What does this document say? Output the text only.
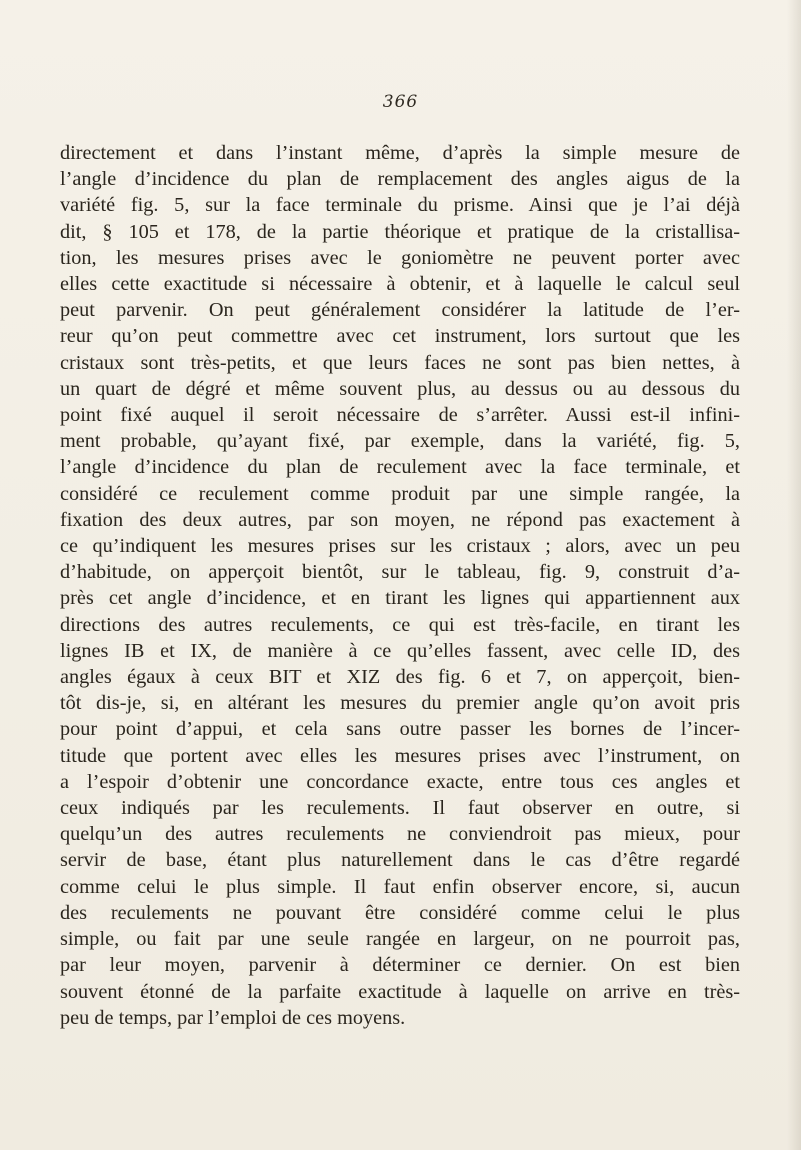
366
directement et dans l’instant même, d’après la simple mesure de
l’angle d’incidence du plan de remplacement des angles aigus de la
variété fig. 5, sur la face terminale du prisme. Ainsi que je l’ai déjà
dit, § 105 et 178, de la partie théorique et pratique de la cristallisa-
tion, les mesures prises avec le goniomètre ne peuvent porter avec
elles cette exactitude si nécessaire à obtenir, et à laquelle le calcul seul
peut parvenir. On peut généralement considérer la latitude de l’er-
reur qu’on peut commettre avec cet instrument, lors surtout que les
cristaux sont très-petits, et que leurs faces ne sont pas bien nettes, à
un quart de dégré et même souvent plus, au dessus ou au dessous du
point fixé auquel il seroit nécessaire de s’arrêter. Aussi est-il infini-
ment probable, qu’ayant fixé, par exemple, dans la variété, fig. 5,
l’angle d’incidence du plan de reculement avec la face terminale, et
considéré ce reculement comme produit par une simple rangée, la
fixation des deux autres, par son moyen, ne répond pas exactement à
ce qu’indiquent les mesures prises sur les cristaux ; alors, avec un peu
d’habitude, on apperçoit bientôt, sur le tableau, fig. 9, construit d’a-
près cet angle d’incidence, et en tirant les lignes qui appartiennent aux
directions des autres reculements, ce qui est très-facile, en tirant les
lignes IB et IX, de manière à ce qu’elles fassent, avec celle ID, des
angles égaux à ceux BIT et XIZ des fig. 6 et 7, on apperçoit, bien-
tôt dis-je, si, en altérant les mesures du premier angle qu’on avoit pris
pour point d’appui, et cela sans outre passer les bornes de l’incer-
titude que portent avec elles les mesures prises avec l’instrument, on
a l’espoir d’obtenir une concordance exacte, entre tous ces angles et
ceux indiqués par les reculements. Il faut observer en outre, si
quelqu’un des autres reculements ne conviendroit pas mieux, pour
servir de base, étant plus naturellement dans le cas d’être regardé
comme celui le plus simple. Il faut enfin observer encore, si, aucun
des reculements ne pouvant être considéré comme celui le plus
simple, ou fait par une seule rangée en largeur, on ne pourroit pas,
par leur moyen, parvenir à déterminer ce dernier. On est bien
souvent étonné de la parfaite exactitude à laquelle on arrive en très-
peu de temps, par l’emploi de ces moyens.
